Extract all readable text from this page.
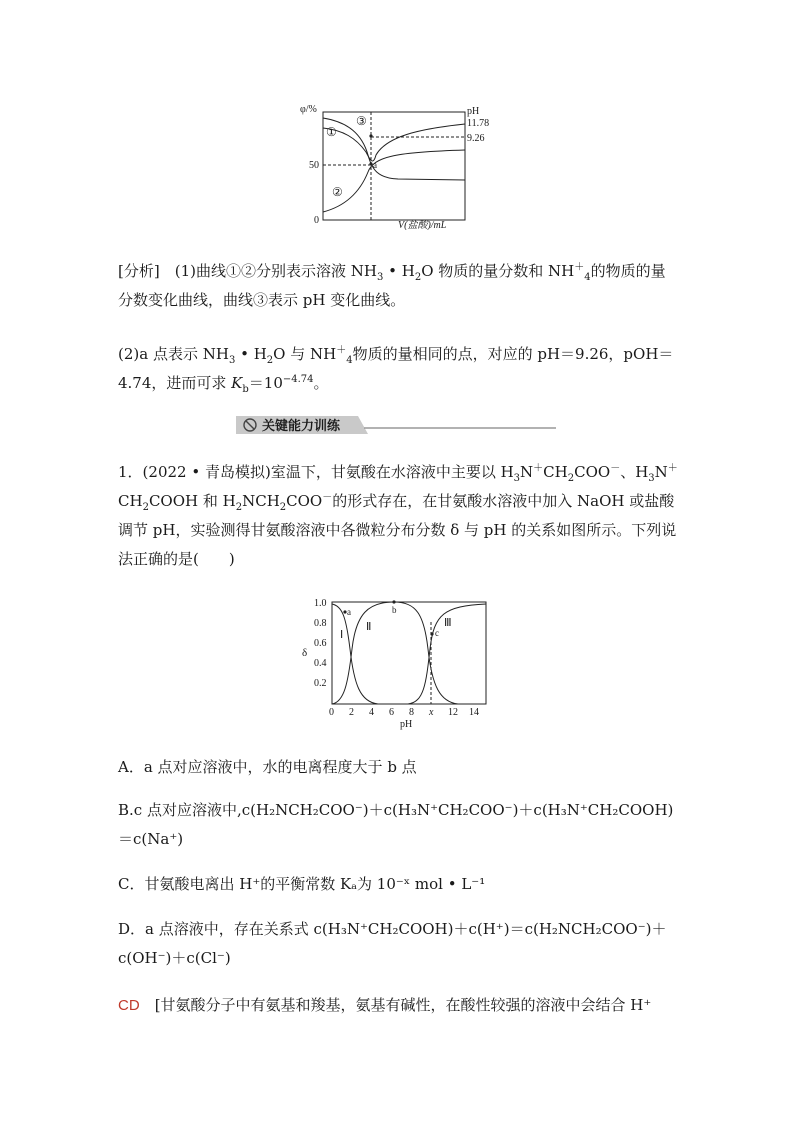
φ/%
50
0
pH
11.78
9.26
V(盐酸)/mL
①
②
③
a

[分析]　 (1)曲线①②分别表示溶液 $NH_3$ • $H_2O$ 物质的量分数和 $NH^+_4$的物质的量分数变化曲线，曲线③表示 pH 变化曲线。

(2)a 点表示 $NH_3$ • $H_2O$ 与 $NH^+_4$物质的量相同的点，对应的 pH＝9.26，pOH＝4.74，进而可求 $K_b=10^{-4.74}$。

关键能力训练

1．(2022 • 青岛模拟)室温下，甘氨酸在水溶液中主要以 $H_3N^+CH_2COO^-$、$H_3N^+CH_2COOH$ 和 $H_2NCH_2COO^-$的形式存在，在甘氨酸水溶液中加入 NaOH 或盐酸调节 pH，实验测得甘氨酸溶液中各微粒分布分数 δ 与 pH 的关系如图所示。下列说法正确的是(　　)

δ
1.0
0.8
0.6
0.4
0.2
0 2 4 6 8 x 12 14
pH
a	b
c
Ⅰ
Ⅱ	Ⅲ

A．a 点对应溶液中，水的电离程度大于 b 点

B.c 点对应溶液中,c(H₂NCH₂COO⁻)＋c(H₃N⁺CH₂COO⁻)＋c(H₃N⁺CH₂COOH)＝c(Na⁺)

C．甘氨酸电离出 H⁺的平衡常数 Kₐ为 10⁻ˣ mol • L⁻¹

D．a 点溶液中，存在关系式 c(H₃N⁺CH₂COOH)＋c(H⁺)＝c(H₂NCH₂COO⁻)＋c(OH⁻)＋c(Cl⁻)

CD　 [甘氨酸分子中有氨基和羧基，氨基有碱性，在酸性较强的溶液中会结合 H⁺
